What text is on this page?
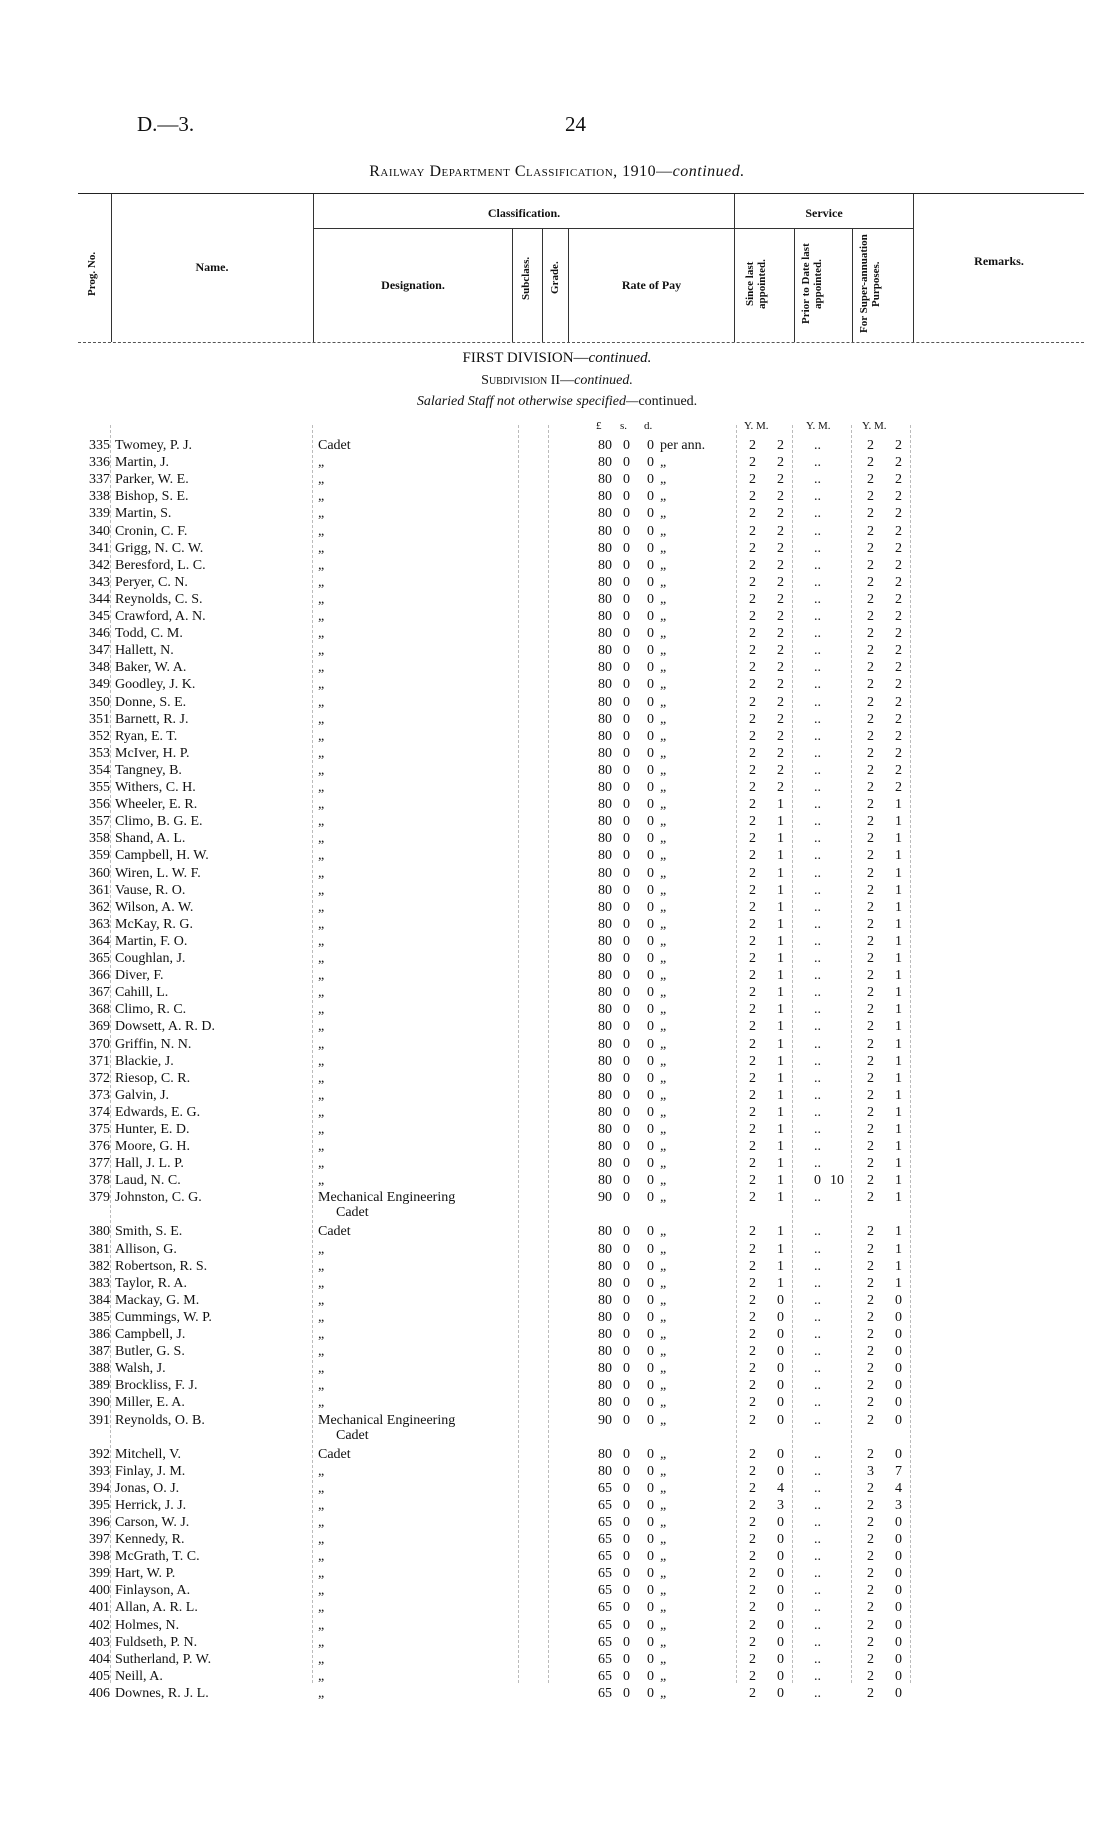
D.—3.	24
Railway Department Classification, 1910—continued.
Prog. No.	Name.
Classification.
Designation.	Subclass. Grade.	Rate of Pay
Service
Since last appointed.	Prior to Date last appointed.	For Super-annuation Purposes.
Remarks.
FIRST DIVISION—continued.
Subdivision II—continued.
Salaried Staff not otherwise specified—continued.
£ s. d.	Y. M.	Y. M.	Y. M.
335 Twomey, P. J.	Cadet	80 0	0 per ann.	2	2	..	2	2
336 Martin, J.	„	80 0	0 „	2	2	..	2	2
337 Parker, W. E.	„	80 0	0 „	2	2	..	2	2
338 Bishop, S. E.	„	80 0	0 „	2	2	..	2	2
339 Martin, S.	„	80 0	0 „	2	2	..	2	2
340 Cronin, C. F.	„	80 0	0 „	2	2	..	2	2
341 Grigg, N. C. W.	„	80 0	0 „	2	2	..	2	2
342 Beresford, L. C.	„	80 0	0 „	2	2	..	2	2
343 Peryer, C. N.	„	80 0	0 „	2	2	..	2	2
344 Reynolds, C. S.	„	80 0	0 „	2	2	..	2	2
345 Crawford, A. N.	„	80 0	0 „	2	2	..	2	2
346 Todd, C. M.	„	80 0	0 „	2	2	..	2	2
347 Hallett, N.	„	80 0	0 „	2	2	..	2	2
348 Baker, W. A.	„	80 0	0 „	2	2	..	2	2
349 Goodley, J. K.	„	80 0	0 „	2	2	..	2	2
350 Donne, S. E.	„	80 0	0 „	2	2	..	2	2
351 Barnett, R. J.	„	80 0	0 „	2	2	..	2	2
352 Ryan, E. T.	„	80 0	0 „	2	2	..	2	2
353 McIver, H. P.	„	80 0	0 „	2	2	..	2	2
354 Tangney, B.	„	80 0	0 „	2	2	..	2	2
355 Withers, C. H.	„	80 0	0 „	2	2	..	2	2
356 Wheeler, E. R.	„	80 0	0 „	2	1	..	2	1
357 Climo, B. G. E.	„	80 0	0 „	2	1	..	2	1
358 Shand, A. L.	„	80 0	0 „	2	1	..	2	1
359 Campbell, H. W.	„	80 0	0 „	2	1	..	2	1
360 Wiren, L. W. F.	„	80 0	0 „	2	1	..	2	1
361 Vause, R. O.	„	80 0	0 „	2	1	..	2	1
362 Wilson, A. W.	„	80 0	0 „	2	1	..	2	1
363 McKay, R. G.	„	80 0	0 „	2	1	..	2	1
364 Martin, F. O.	„	80 0	0 „	2	1	..	2	1
365 Coughlan, J.	„	80 0	0 „	2	1	..	2	1
366 Diver, F.	„	80 0	0 „	2	1	..	2	1
367 Cahill, L.	„	80 0	0 „	2	1	..	2	1
368 Climo, R. C.	„	80 0	0 „	2	1	..	2	1
369 Dowsett, A. R. D.	„	80 0	0 „	2	1	..	2	1
370 Griffin, N. N.	„	80 0	0 „	2	1	..	2	1
371 Blackie, J.	„	80 0	0 „	2	1	..	2	1
372 Riesop, C. R.	„	80 0	0 „	2	1	..	2	1
373 Galvin, J.	„	80 0	0 „	2	1	..	2	1
374 Edwards, E. G.	„	80 0	0 „	2	1	..	2	1
375 Hunter, E. D.	„	80 0	0 „	2	1	..	2	1
376 Moore, G. H.	„	80 0	0 „	2	1	..	2	1
377 Hall, J. L. P.	„	80 0	0 „	2	1	..	2	1
378 Laud, N. C.	„	80 0	0 „	2	1	0 10	2	1
379 Johnston, C. G.	Mechanical Engineering	90 0	0 „	2	1	..	2	1
Cadet
380 Smith, S. E.	Cadet	80 0	0 „	2	1	..	2	1
381 Allison, G.	„	80 0	0 „	2	1	..	2	1
382 Robertson, R. S.	„	80 0	0 „	2	1	..	2	1
383 Taylor, R. A.	„	80 0	0 „	2	1	..	2	1
384 Mackay, G. M.	„	80 0	0 „	2	0	..	2	0
385 Cummings, W. P.	„	80 0	0 „	2	0	..	2	0
386 Campbell, J.	„	80 0	0 „	2	0	..	2	0
387 Butler, G. S.	„	80 0	0 „	2	0	..	2	0
388 Walsh, J.	„	80 0	0 „	2	0	..	2	0
389 Brockliss, F. J.	„	80 0	0 „	2	0	..	2	0
390 Miller, E. A.	„	80 0	0 „	2	0	..	2	0
391 Reynolds, O. B.	Mechanical Engineering	90 0	0 „	2	0	..	2	0
Cadet
392 Mitchell, V.	Cadet	80 0	0 „	2	0	..	2	0
393 Finlay, J. M.	„	80 0	0 „	2	0	..	3	7
394 Jonas, O. J.	„	65 0	0 „	2	4	..	2	4
395 Herrick, J. J.	„	65 0	0 „	2	3	..	2	3
396 Carson, W. J.	„	65 0	0 „	2	0	..	2	0
397 Kennedy, R.	„	65 0	0 „	2	0	..	2	0
398 McGrath, T. C.	„	65 0	0 „	2	0	..	2	0
399 Hart, W. P.	„	65 0	0 „	2	0	..	2	0
400 Finlayson, A.	„	65 0	0 „	2	0	..	2	0
401 Allan, A. R. L.	„	65 0	0 „	2	0	..	2	0
402 Holmes, N.	„	65 0	0 „	2	0	..	2	0
403 Fuldseth, P. N.	„	65 0	0 „	2	0	..	2	0
404 Sutherland, P. W.	„	65 0	0 „	2	0	..	2	0
405 Neill, A.	„	65 0	0 „	2	0	..	2	0
406 Downes, R. J. L.	„	65 0	0 „	2	0	..	2	0
